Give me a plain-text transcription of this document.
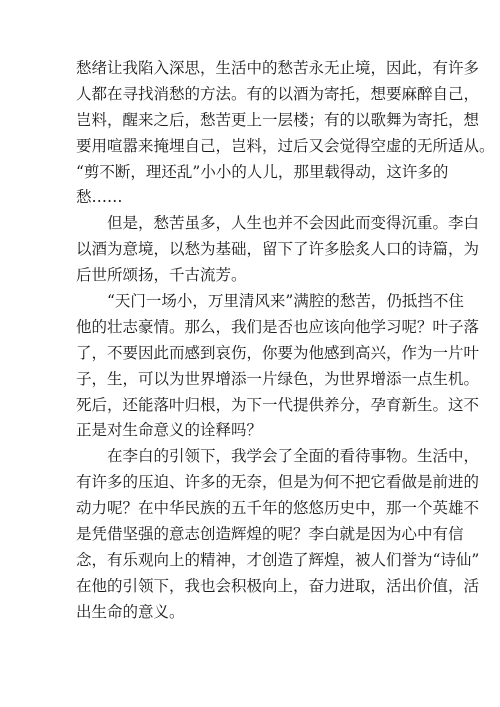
愁绪让我陷入深思，生活中的愁苦永无止境，因此，有许多
人都在寻找消愁的方法。有的以酒为寄托，想要麻醉自己，
岂料，醒来之后，愁苦更上一层楼；有的以歌舞为寄托，想
要用喧嚣来掩埋自己，岂料，过后又会觉得空虚的无所适从。
“剪不断，理还乱”小小的人儿，那里载得动，这许多的
愁……
但是，愁苦虽多，人生也并不会因此而变得沉重。李白
以酒为意境，以愁为基础，留下了许多脍炙人口的诗篇，为
后世所颂扬，千古流芳。
“天门一场小，万里清风来”满腔的愁苦，仍抵挡不住
他的壮志豪情。那么，我们是否也应该向他学习呢？叶子落
了，不要因此而感到哀伤，你要为他感到高兴，作为一片叶
子，生，可以为世界增添一片绿色，为世界增添一点生机。
死后，还能落叶归根，为下一代提供养分，孕育新生。这不
正是对生命意义的诠释吗？
在李白的引领下，我学会了全面的看待事物。生活中，
有许多的压迫、许多的无奈，但是为何不把它看做是前进的
动力呢？在中华民族的五千年的悠悠历史中，那一个英雄不
是凭借坚强的意志创造辉煌的呢？李白就是因为心中有信
念，有乐观向上的精神，才创造了辉煌，被人们誉为“诗仙”
在他的引领下，我也会积极向上，奋力进取，活出价值，活
出生命的意义。
